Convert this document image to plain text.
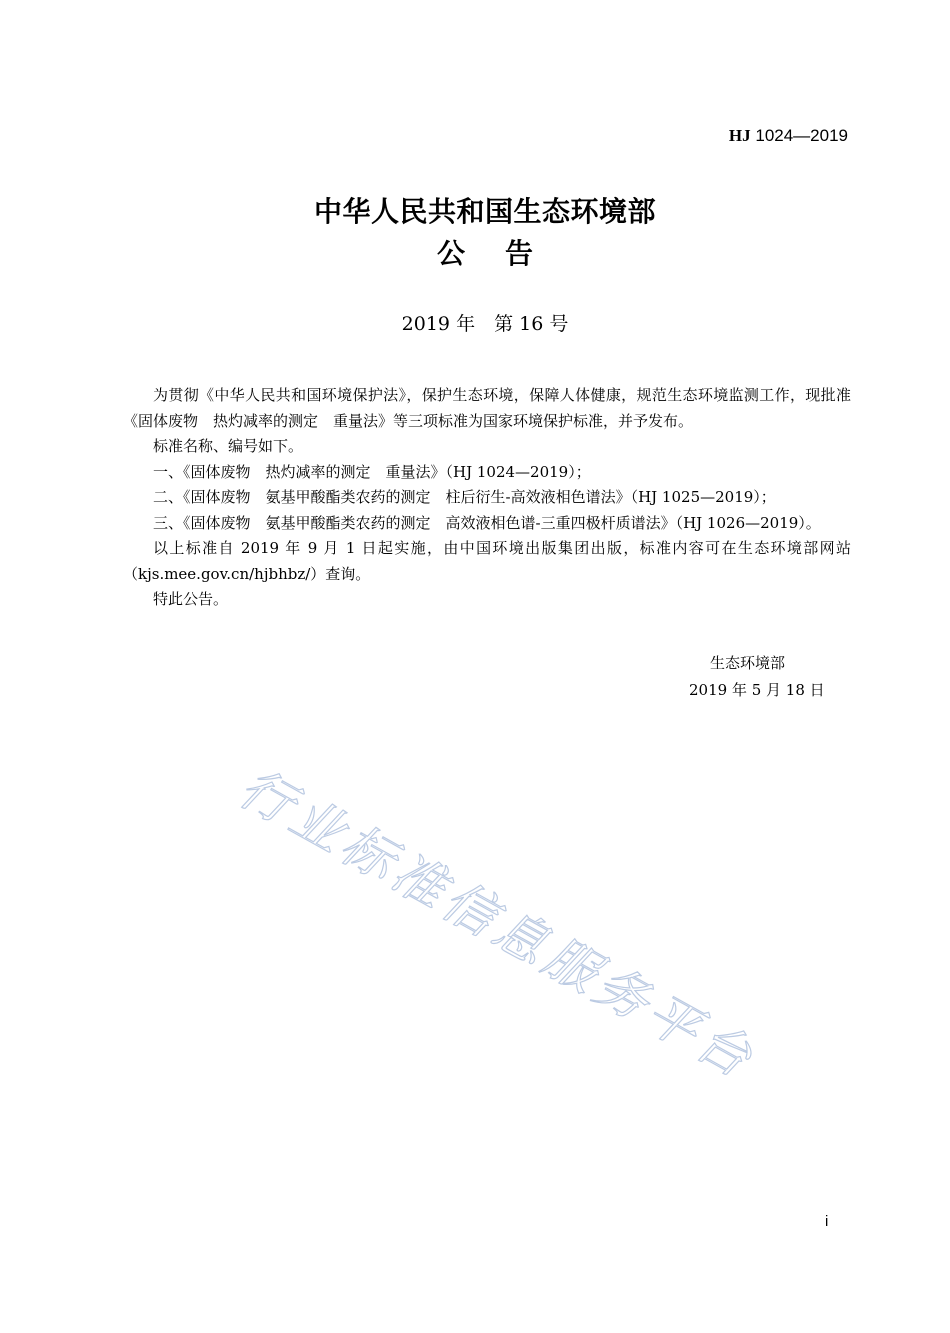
HJ 1024—2019
中华人民共和国生态环境部
公告
2019 年　第 16 号

为贯彻《中华人民共和国环境保护法》，保护生态环境，保障人体健康，规范生态环境监测工作，现批准《固体废物　热灼减率的测定　重量法》等三项标准为国家环境保护标准，并予发布。

标准名称、编号如下。

一、《固体废物　热灼减率的测定　重量法》（HJ 1024—2019）；

二、《固体废物　氨基甲酸酯类农药的测定　柱后衍生-高效液相色谱法》（HJ 1025—2019）；

三、《固体废物　氨基甲酸酯类农药的测定　高效液相色谱-三重四极杆质谱法》（HJ 1026—2019）。

以上标准自 2019 年 9 月 1 日起实施，由中国环境出版集团出版，标准内容可在生态环境部网站（kjs.mee.gov.cn/hjbhbz/）查询。

特此公告。

生态环境部
2019 年 5 月 18 日
行业标准信息服务平台
i
